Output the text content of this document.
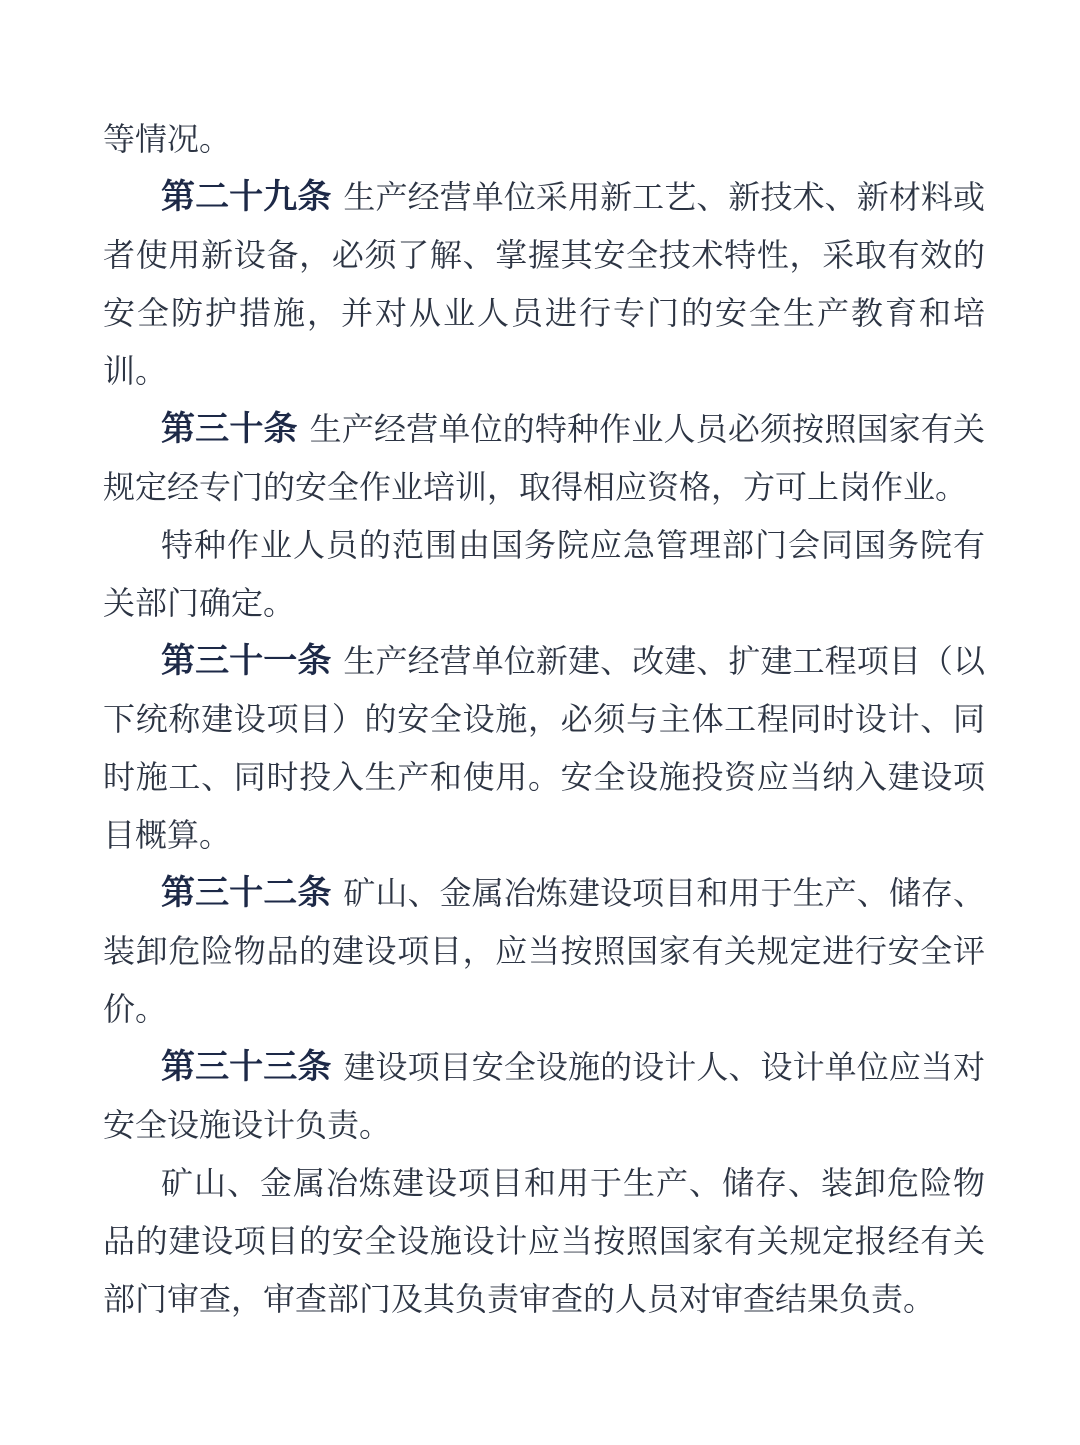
等情况。

第二十九条 生产经营单位采用新工艺、新技术、新材料或者使用新设备，必须了解、掌握其安全技术特性，采取有效的安全防护措施，并对从业人员进行专门的安全生产教育和培训。

第三十条 生产经营单位的特种作业人员必须按照国家有关规定经专门的安全作业培训，取得相应资格，方可上岗作业。

特种作业人员的范围由国务院应急管理部门会同国务院有关部门确定。

第三十一条 生产经营单位新建、改建、扩建工程项目（以下统称建设项目）的安全设施，必须与主体工程同时设计、同时施工、同时投入生产和使用。安全设施投资应当纳入建设项目概算。

第三十二条 矿山、金属冶炼建设项目和用于生产、储存、装卸危险物品的建设项目，应当按照国家有关规定进行安全评价。

第三十三条 建设项目安全设施的设计人、设计单位应当对安全设施设计负责。

矿山、金属冶炼建设项目和用于生产、储存、装卸危险物品的建设项目的安全设施设计应当按照国家有关规定报经有关部门审查，审查部门及其负责审查的人员对审查结果负责。
